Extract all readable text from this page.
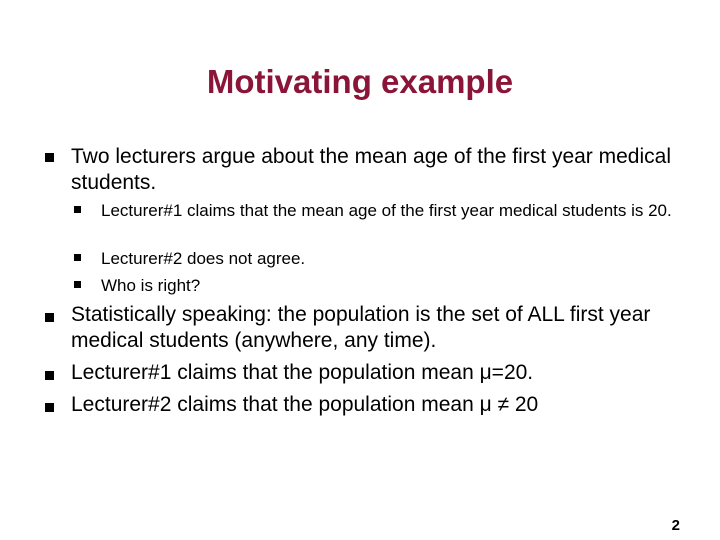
Motivating example
Two lecturers argue about the mean age of the first year medical students.
Lecturer#1 claims that the mean age of the first year medical students is 20.
Lecturer#2 does not agree.
Who is right?
Statistically speaking: the population is the set of ALL first year medical students (anywhere, any time).
Lecturer#1 claims that the population mean μ=20.
Lecturer#2 claims that the population mean μ ≠ 20
2
